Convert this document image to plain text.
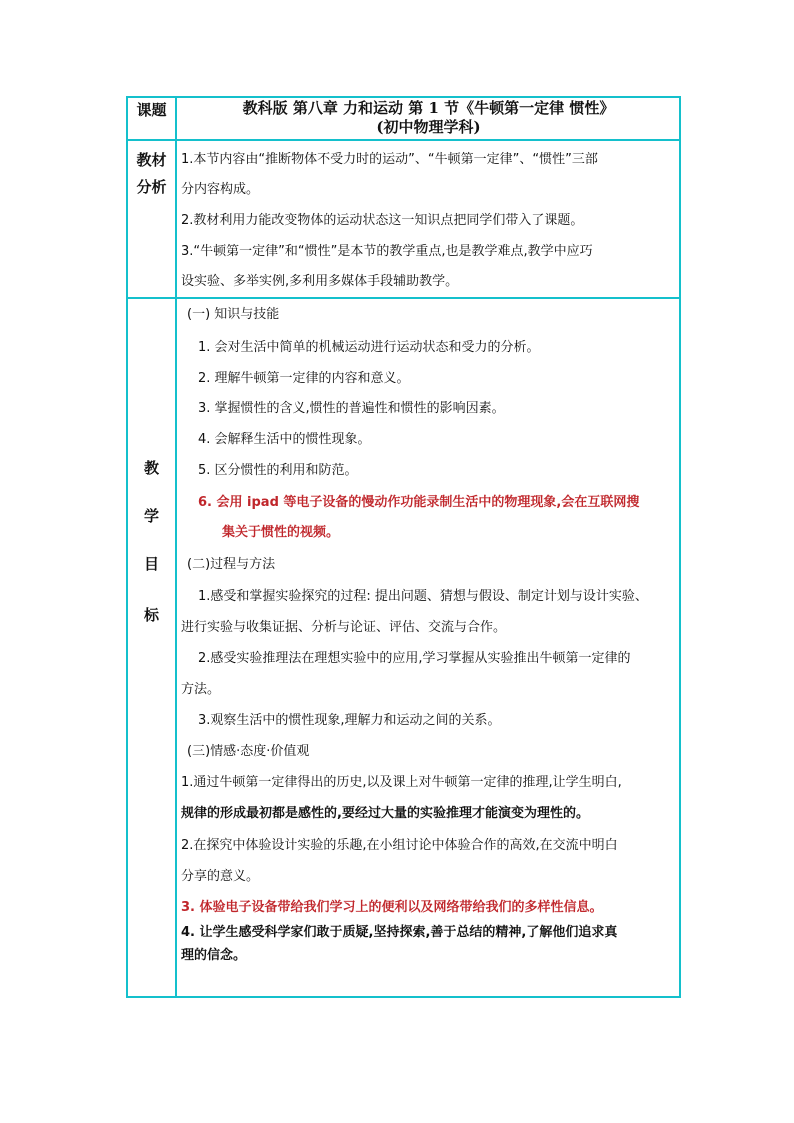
课题	教科版 第八章 力和运动 第 1 节《牛顿第一定律 惯性》
(初中物理学科)
教材
分析
1.本节内容由“推断物体不受力时的运动”、“牛顿第一定律”、“惯性”三部
分内容构成。
2.教材利用力能改变物体的运动状态这一知识点把同学们带入了课题。
3.“牛顿第一定律”和“惯性”是本节的教学重点,也是教学难点,教学中应巧
设实验、多举实例,多利用多媒体手段辅助教学。
教
学
目
标
(一) 知识与技能
1. 会对生活中简单的机械运动进行运动状态和受力的分析。
2. 理解牛顿第一定律的内容和意义。
3. 掌握惯性的含义,惯性的普遍性和惯性的影响因素。
4. 会解释生活中的惯性现象。
5. 区分惯性的利用和防范。
6. 会用 ipad 等电子设备的慢动作功能录制生活中的物理现象,会在互联网搜
集关于惯性的视频。
(二)过程与方法
1.感受和掌握实验探究的过程: 提出问题、猜想与假设、制定计划与设计实验、
进行实验与收集证据、分析与论证、评估、交流与合作。
2.感受实验推理法在理想实验中的应用,学习掌握从实验推出牛顿第一定律的
方法。
3.观察生活中的惯性现象,理解力和运动之间的关系。
(三)情感·态度·价值观
1.通过牛顿第一定律得出的历史,以及课上对牛顿第一定律的推理,让学生明白,
规律的形成最初都是感性的,要经过大量的实验推理才能演变为理性的。
2.在探究中体验设计实验的乐趣,在小组讨论中体验合作的高效,在交流中明白
分享的意义。
3. 体验电子设备带给我们学习上的便利以及网络带给我们的多样性信息。
4. 让学生感受科学家们敢于质疑,坚持探索,善于总结的精神,了解他们追求真
理的信念。
